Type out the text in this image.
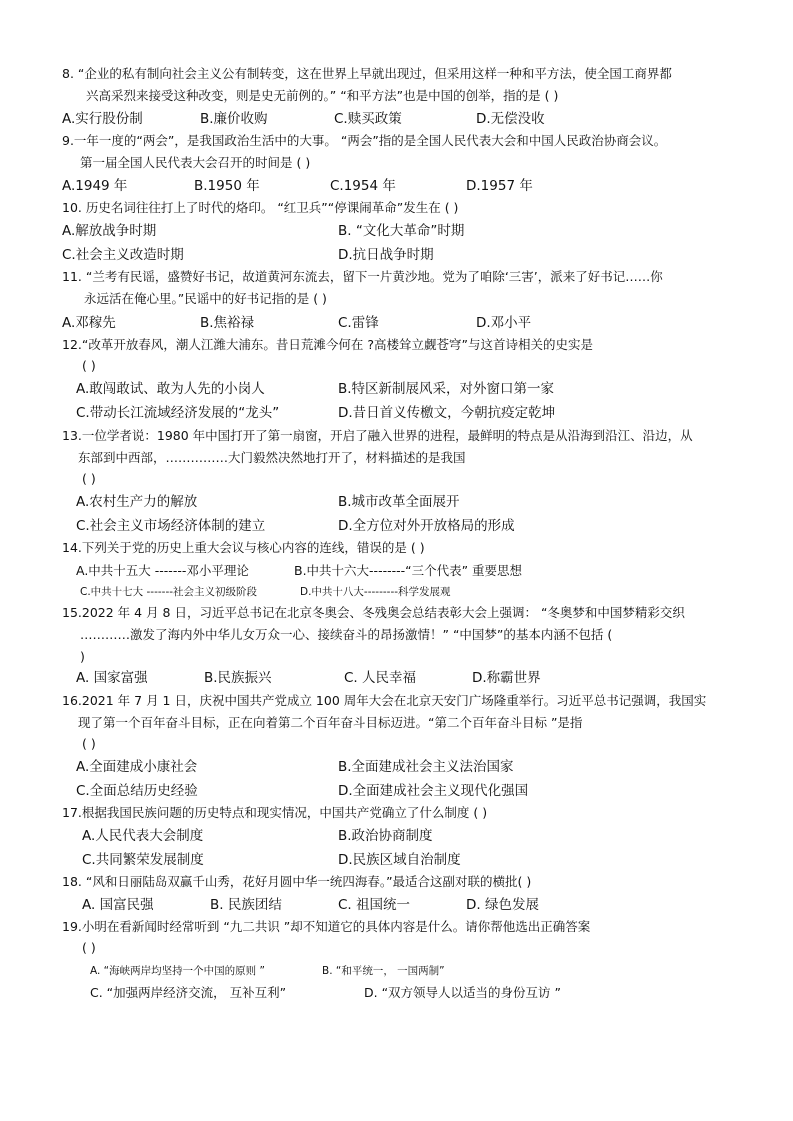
8. “企业的私有制向社会主义公有制转变，这在世界上早就出现过，但采用这样一种和平方法，使全国工商界都
兴高采烈来接受这种改变，则是史无前例的。” “和平方法”也是中国的创举，指的是 ( )
A.实行股份制	B.廉价收购	C.赎买政策	D.无偿没收
9.一年一度的“两会”，是我国政治生活中的大事。 “两会”指的是全国人民代表大会和中国人民政治协商会议。
第一届全国人民代表大会召开的时间是 ( )
A.1949 年	B.1950 年	C.1954 年	D.1957 年
10. 历史名词往往打上了时代的烙印。 “红卫兵”“停课闹革命”发生在 ( )
A.解放战争时期	B. “文化大革命”时期
C.社会主义改造时期	D.抗日战争时期
11. “兰考有民谣，盛赞好书记，故道黄河东流去，留下一片黄沙地。党为了咱除‘三害’，派来了好书记……你
永远活在俺心里。”民谣中的好书记指的是 ( )
A.邓稼先	B.焦裕禄	C.雷锋	D.邓小平
12.“改革开放春风，潮人江潍大浦东。昔日荒滩今何在 ?高楼耸立觑苍穹”与这首诗相关的史实是
( )
A.敢闯敢试、敢为人先的小岗人	B.特区新制展风采，对外窗口第一家
C.带动长江流域经济发展的“龙头”	D.昔日首义传檄文，今朝抗疫定乾坤
13.一位学者说：1980 年中国打开了第一扇窗，开启了融入世界的进程，最鲜明的特点是从沿海到沿江、沿边，从
东部到中西部，……………大门毅然决然地打开了，材料描述的是我国
( )
A.农村生产力的解放	B.城市改革全面展开
C.社会主义市场经济体制的建立	D.全方位对外开放格局的形成
14.下列关于党的历史上重大会议与核心内容的连线，错误的是 ( )
A.中共十五大 -------邓小平理论	B.中共十六大--------“三个代表” 重要思想
C.中共十七大 -------社会主义初级阶段	D.中共十八大---------科学发展观
15.2022 年 4 月 8 日，习近平总书记在北京冬奥会、冬残奥会总结表彰大会上强调： “冬奥梦和中国梦精彩交织
…………激发了海内外中华儿女万众一心、接续奋斗的昂扬激情！” “中国梦”的基本内涵不包括 (
)
A. 国家富强	B.民族振兴	C. 人民幸福	D.称霸世界
16.2021 年 7 月 1 日，庆祝中国共产党成立 100 周年大会在北京天安门广场隆重举行。习近平总书记强调，我国实
现了第一个百年奋斗目标，正在向着第二个百年奋斗目标迈进。“第二个百年奋斗目标 ”是指
( )
A.全面建成小康社会	B.全面建成社会主义法治国家
C.全面总结历史经验	D.全面建成社会主义现代化强国
17.根据我国民族问题的历史特点和现实情况，中国共产党确立了什么制度 ( )
A.人民代表大会制度	B.政治协商制度
C.共同繁荣发展制度	D.民族区域自治制度
18. “风和日丽陆岛双赢千山秀，花好月圆中华一统四海春。”最适合这副对联的横批( )
A. 国富民强	B. 民族团结	C. 祖国统一	D. 绿色发展
19.小明在看新闻时经常听到 “九二共识 ”却不知道它的具体内容是什么。请你帮他选出正确答案
( )
A. “海峡两岸均坚持一个中国的原则 ”	B. “和平统一， 一国两制”
C. “加强两岸经济交流， 互补互利”	D. “双方领导人以适当的身份互访 ”
